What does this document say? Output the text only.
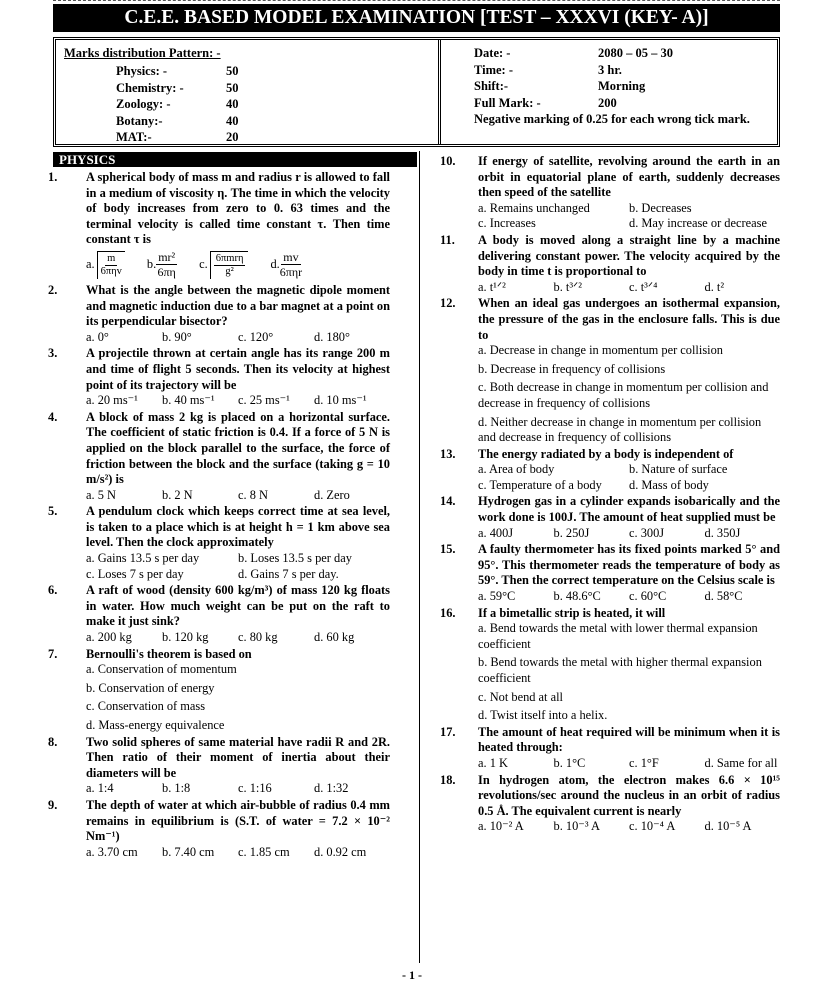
C.E.E. BASED MODEL EXAMINATION [TEST – XXXVI (KEY- A)]
Marks distribution Pattern: -
Physics: -	50
Chemistry: -	50
Zoology: -	40
Botany:-	40
MAT:-	20
Date: -	2080 – 05 – 30
Time: -	3 hr.
Shift:-	Morning
Full Mark: -	200
Negative marking of 0.25 for each wrong tick mark.
PHYSICS
1.	A spherical body of mass m and radius r is allowed to fall in a medium of viscosity η. The time in which the velocity of body increases from zero to 0. 63 times and the terminal velocity is called time constant τ. Then time constant τ is
a. $\frac{m}{\text{6πηv}} b$. $\frac{\text{mr²}}{6\pi\eta} c$. $\frac{\text{6πmrη}}{\text{g²}} d$. $\frac{mv}{\text{6πηr}}$
2.	What is the angle between the magnetic dipole moment and magnetic induction due to a bar magnet at a point on its perpendicular bisector?
a. 0°	b. 90°	c. 120°	d. 180°
3.	A projectile thrown at certain angle has its range 200 m and time of flight 5 seconds. Then its velocity at highest point of its trajectory will be
a. 20 ms⁻¹	b. 40 ms⁻¹	c. 25 ms⁻¹	d. 10 ms⁻¹
4.	A block of mass 2 kg is placed on a horizontal surface. The coefficient of static friction is 0.4. If a force of 5 N is applied on the block parallel to the surface, the force of friction between the block and the surface (taking g = 10 m/s²) is
a. 5 N	b. 2 N	c. 8 N	d. Zero
5.	A pendulum clock which keeps correct time at sea level, is taken to a place which is at height h = 1 km above sea level. Then the clock approximately
a. Gains 13.5 s per day	b. Loses 13.5 s per day
c. Loses 7 s per day	d. Gains 7 s per day.
6.	A raft of wood (density 600 kg/m³) of mass 120 kg floats in water. How much weight can be put on the raft to make it just sink?
a. 200 kg	b. 120 kg	c. 80 kg	d. 60 kg
7.	Bernoulli's theorem is based on
a. Conservation of momentum
b. Conservation of energy
c. Conservation of mass
d. Mass-energy equivalence
8.	Two solid spheres of same material have radii R and 2R. Then ratio of their moment of inertia about their diameters will be
a. 1:4	b. 1:8	c. 1:16	d. 1:32
9.	The depth of water at which air-bubble of radius 0.4 mm remains in equilibrium is (S.T. of water = 7.2 × 10⁻² Nm⁻¹)
a. 3.70 cm	b. 7.40 cm	c. 1.85 cm	d. 0.92 cm
10.	If energy of satellite, revolving around the earth in an orbit in equatorial plane of earth, suddenly decreases then speed of the satellite
a. Remains unchanged	b. Decreases
c. Increases	d. May increase or decrease
11.	A body is moved along a straight line by a machine delivering constant power. The velocity acquired by the body in time t is proportional to
a. t¹ᐟ²	b. t³ᐟ²	c. t³ᐟ⁴	d. t²
12.	When an ideal gas undergoes an isothermal expansion, the pressure of the gas in the enclosure falls. This is due to
a. Decrease in change in momentum per collision
b. Decrease in frequency of collisions
c. Both decrease in change in momentum per collision and decrease in frequency of collisions
d. Neither decrease in change in momentum per collision and decrease in frequency of collisions
13.	The energy radiated by a body is independent of
a. Area of body	b. Nature of surface
c. Temperature of a body	d. Mass of body
14.	Hydrogen gas in a cylinder expands isobarically and the work done is 100J. The amount of heat supplied must be
a. 400J	b. 250J	c. 300J	d. 350J
15.	A faulty thermometer has its fixed points marked 5° and 95°. This thermometer reads the temperature of body as 59°. Then the correct temperature on the Celsius scale is
a. 59°C	b. 48.6°C	c. 60°C	d. 58°C
16.	If a bimetallic strip is heated, it will
a. Bend towards the metal with lower thermal expansion coefficient
b. Bend towards the metal with higher thermal expansion coefficient
c. Not bend at all
d. Twist itself into a helix.
17.	The amount of heat required will be minimum when it is heated through:
a. 1 K	b. 1°C	c. 1°F	d. Same for all
18.	In hydrogen atom, the electron makes 6.6 × 10¹⁵ revolutions/sec around the nucleus in an orbit of radius 0.5 Å. The equivalent current is nearly
a. 10⁻² A	b. 10⁻³ A	c. 10⁻⁴ A	d. 10⁻⁵ A
- 1 -
